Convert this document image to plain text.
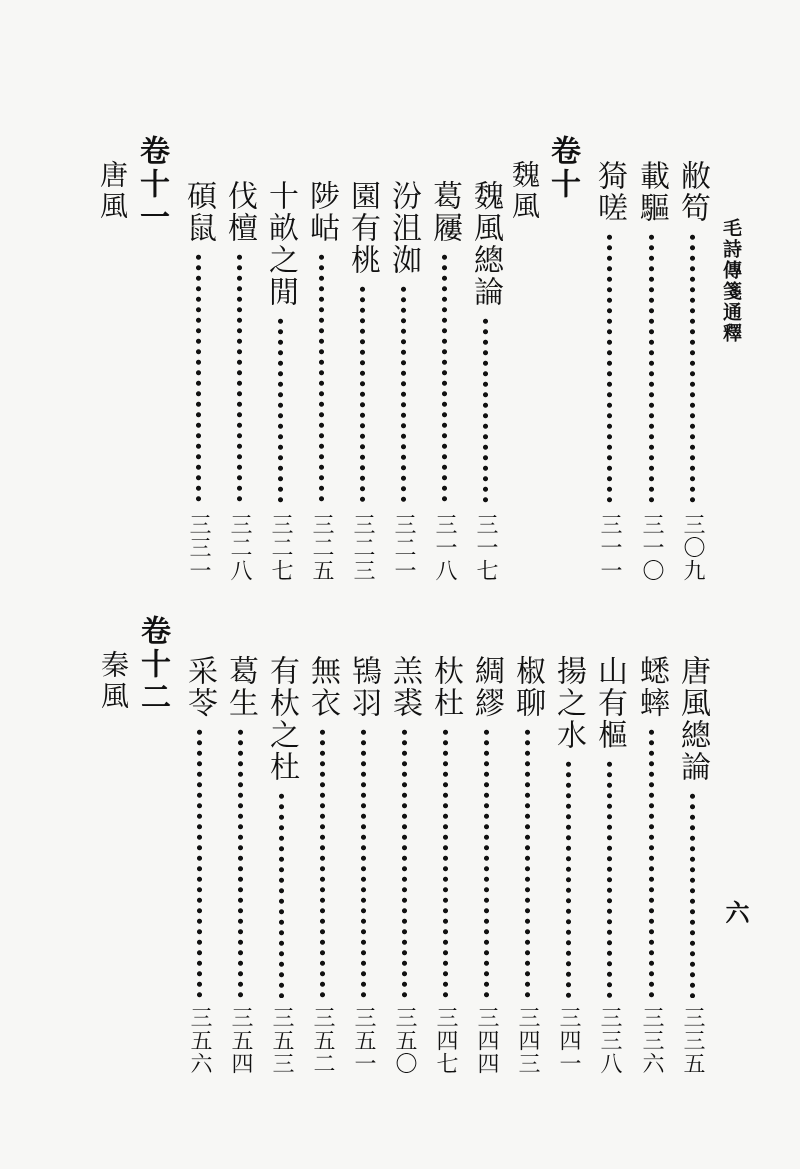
毛詩傳箋通釋
六
敝笱
三〇九
載驅
三一〇
猗嗟
三一一
卷十
魏風
魏風總論
三一七
葛屨
三一八
汾沮洳
三二一
園有桃
三二三
陟岵
三二五
十畝之閒
三二七
伐檀
三二八
碩鼠
三三一
卷十一
唐風
唐風總論
三三五
蟋蟀
三三六
山有樞
三三八
揚之水
三四一
椒聊
三四三
綢繆
三四四
杕杜
三四七
羔裘
三五〇
鴇羽
三五一
無衣
三五二
有杕之杜
三五三
葛生
三五四
采苓
三五六
卷十二
秦風
